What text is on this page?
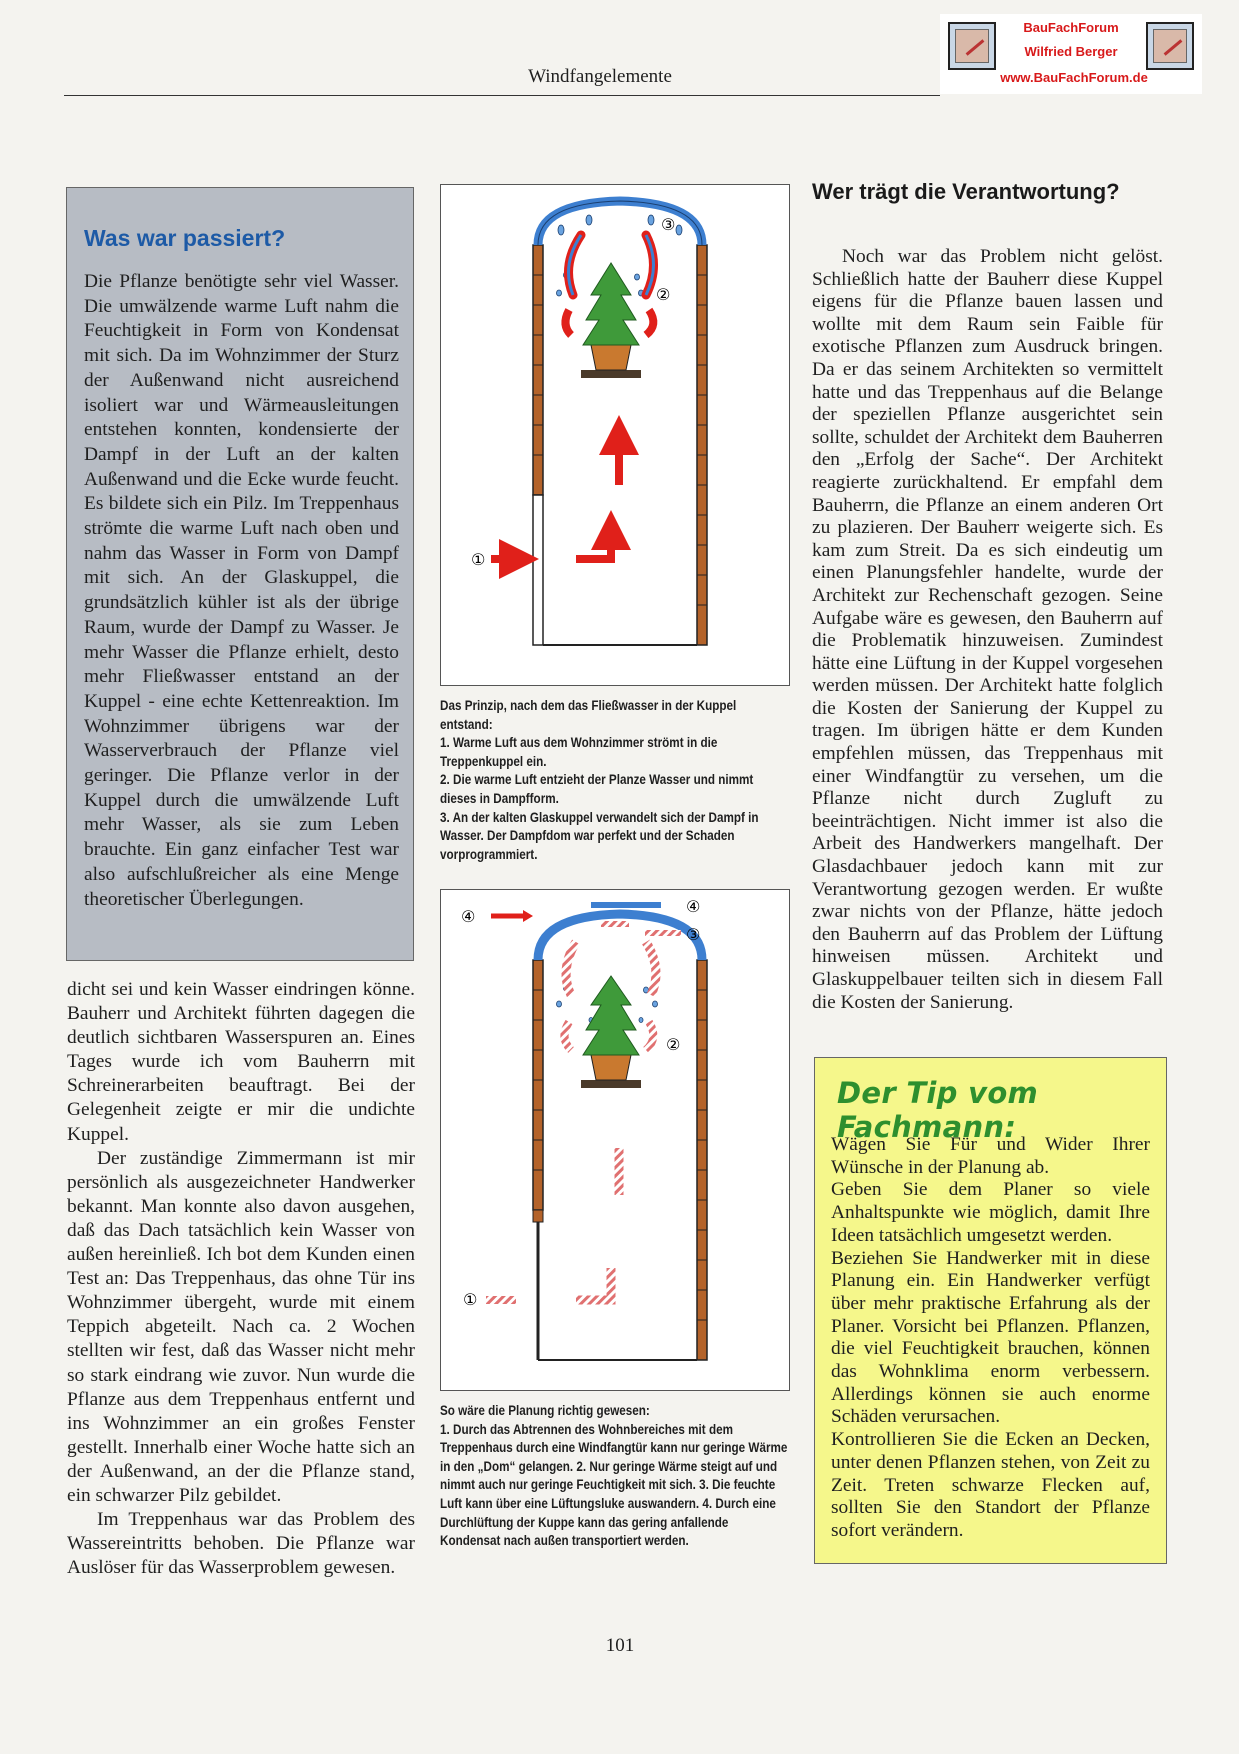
Windfangelemente
BauFachForum
Wilfried Berger
www.BauFachForum.de
Was war passiert?
Die Pflanze benötigte sehr viel Wasser. Die umwälzende warme Luft nahm die Feuchtigkeit in Form von Kondensat mit sich. Da im Wohnzimmer der Sturz der Außenwand nicht ausreichend isoliert war und Wärmeausleitungen entstehen konnten, kondensierte der Dampf in der Luft an der kalten Außenwand und die Ecke wurde feucht. Es bildete sich ein Pilz. Im Treppenhaus strömte die warme Luft nach oben und nahm das Wasser in Form von Dampf mit sich. An der Glaskuppel, die grundsätzlich kühler ist als der übrige Raum, wurde der Dampf zu Wasser. Je mehr Wasser die Pflanze erhielt, desto mehr Fließwasser entstand an der Kuppel - eine echte Kettenreaktion. Im Wohnzimmer übrigens war der Wasserverbrauch der Pflanze viel geringer. Die Pflanze verlor in der Kuppel durch die umwälzende Luft mehr Wasser, als sie zum Leben brauchte. Ein ganz einfacher Test war also aufschlußreicher als eine Menge theoretischer Überlegungen.

dicht sei und kein Wasser eindringen könne. Bauherr und Architekt führten dagegen die deutlich sichtbaren Wasserspuren an. Eines Tages wurde ich vom Bauherrn mit Schreinerarbeiten beauftragt. Bei der Gelegenheit zeigte er mir die undichte Kuppel.

Der zuständige Zimmermann ist mir persönlich als ausgezeichneter Handwerker bekannt. Man konnte also davon ausgehen, daß das Dach tatsächlich kein Wasser von außen hereinließ. Ich bot dem Kunden einen Test an: Das Treppenhaus, das ohne Tür ins Wohnzimmer übergeht, wurde mit einem Teppich abgeteilt. Nach ca. 2 Wochen stellten wir fest, daß das Wasser nicht mehr so stark eindrang wie zuvor. Nun wurde die Pflanze aus dem Treppenhaus entfernt und ins Wohnzimmer an ein großes Fenster gestellt. Innerhalb einer Woche hatte sich an der Außenwand, an der die Pflanze stand, ein schwarzer Pilz gebildet.

Im Treppenhaus war das Problem des Wassereintritts behoben. Die Pflanze war Auslöser für das Wasserproblem gewesen.

①
②
③

Das Prinzip, nach dem das Fließwasser in der Kuppel entstand:

1. Warme Luft aus dem Wohnzimmer strömt in die Treppenkuppel ein.

2. Die warme Luft entzieht der Planze Wasser und nimmt dieses in Dampfform.

3. An der kalten Glaskuppel verwandelt sich der Dampf in Wasser. Der Dampfdom war perfekt und der Schaden vorprogrammiert.

④
④
③
②
①

So wäre die Planung richtig gewesen:

1. Durch das Abtrennen des Wohnbereiches mit dem Treppenhaus durch eine Windfangtür kann nur geringe Wärme in den „Dom“ gelangen. 2. Nur geringe Wärme steigt auf und nimmt auch nur geringe Feuchtigkeit mit sich. 3. Die feuchte Luft kann über eine Lüftungsluke auswandern. 4. Durch eine Durchlüftung der Kuppe kann das gering anfallende Kondensat nach außen transportiert werden.

Wer trägt die Verantwortung?

Noch war das Problem nicht gelöst. Schließlich hatte der Bauherr diese Kuppel eigens für die Pflanze bauen lassen und wollte mit dem Raum sein Faible für exotische Pflanzen zum Ausdruck bringen. Da er das seinem Architekten so vermittelt hatte und das Treppenhaus auf die Belange der speziellen Pflanze ausgerichtet sein sollte, schuldet der Architekt dem Bauherren den „Erfolg der Sache“. Der Architekt reagierte zurückhaltend. Er empfahl dem Bauherrn, die Pflanze an einem anderen Ort zu plazieren. Der Bauherr weigerte sich. Es kam zum Streit. Da es sich eindeutig um einen Planungsfehler handelte, wurde der Architekt zur Rechenschaft gezogen. Seine Aufgabe wäre es gewesen, den Bauherrn auf die Problematik hinzuweisen. Zumindest hätte eine Lüftung in der Kuppel vorgesehen werden müssen. Der Architekt hatte folglich die Kosten der Sanierung der Kuppel zu tragen. Im übrigen hätte er dem Kunden empfehlen müssen, das Treppenhaus mit einer Windfangtür zu versehen, um die Pflanze nicht durch Zugluft zu beeinträchtigen. Nicht immer ist also die Arbeit des Handwerkers mangelhaft. Der Glasdachbauer jedoch kann mit zur Verantwortung gezogen werden. Er wußte zwar nichts von der Pflanze, hätte jedoch den Bauherrn auf das Problem der Lüftung hinweisen müssen. Architekt und Glaskuppelbauer teilten sich in diesem Fall die Kosten der Sanierung.

Der Tip vom Fachmann:

Wägen Sie Für und Wider Ihrer Wünsche in der Planung ab.

Geben Sie dem Planer so viele Anhaltspunkte wie möglich, damit Ihre Ideen tatsächlich umgesetzt werden.

Beziehen Sie Handwerker mit in diese Planung ein. Ein Handwerker verfügt über mehr praktische Erfahrung als der Planer. Vorsicht bei Pflanzen. Pflanzen, die viel Feuchtigkeit brauchen, können das Wohnklima enorm verbessern. Allerdings können sie auch enorme Schäden verursachen.

Kontrollieren Sie die Ecken an Decken, unter denen Pflanzen stehen, von Zeit zu Zeit. Treten schwarze Flecken auf, sollten Sie den Standort der Pflanze sofort verändern.

101
